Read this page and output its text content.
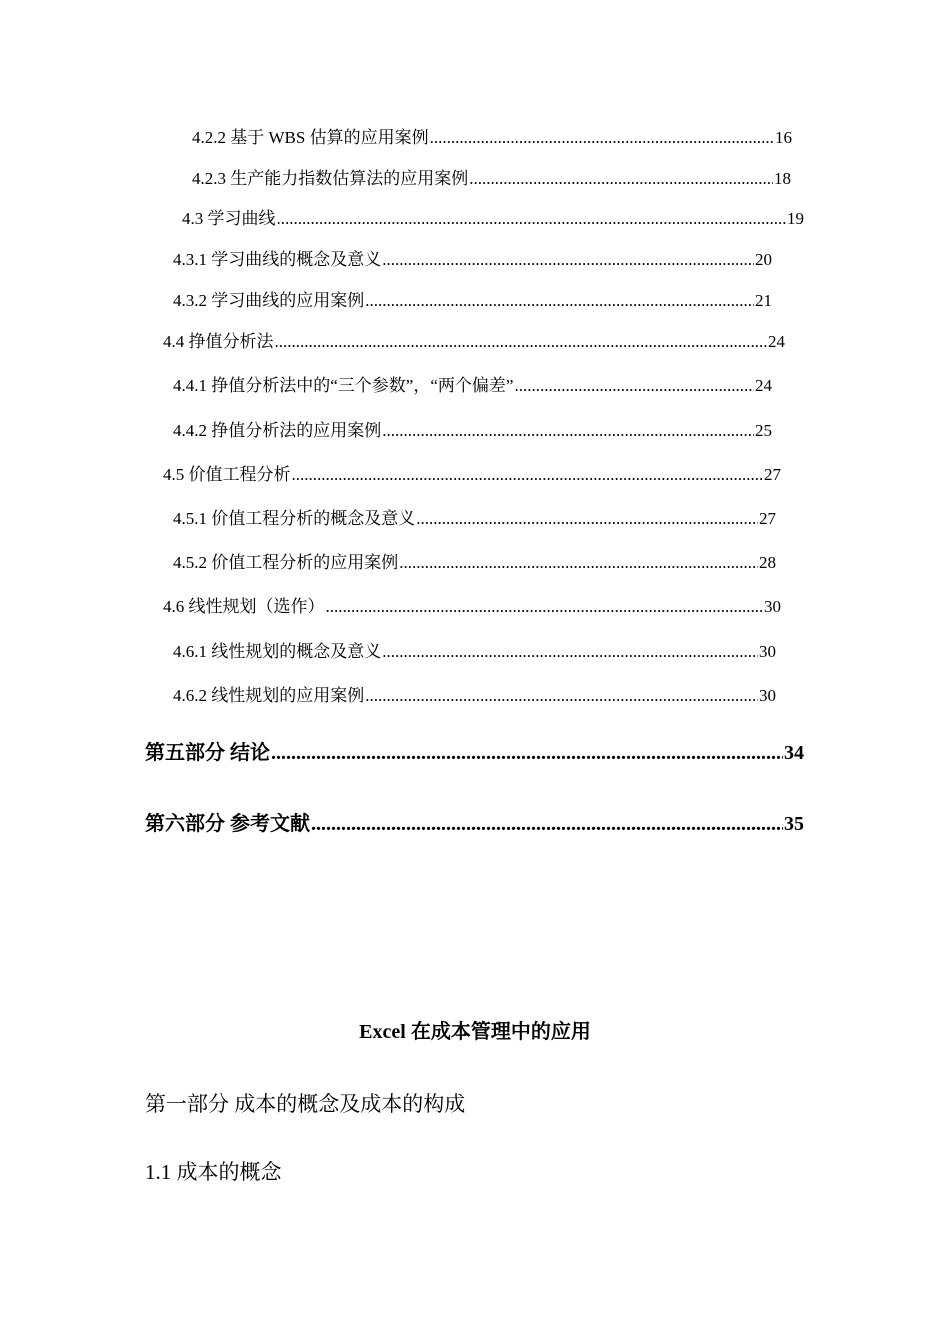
4.2.2 基于 WBS 估算的应用案例 .....	16
4.2.3 生产能力指数估算法的应用案例 .....	18
4.3 学习曲线 .....	19
4.3.1 学习曲线的概念及意义 .....	20
4.3.2 学习曲线的应用案例 .....	21
4.4 挣值分析法 .....	24
4.4.1 挣值分析法中的“三个参数”，“两个偏差” .....	24
4.4.2 挣值分析法的应用案例 .....	25
4.5 价值工程分析 .....	27
4.5.1 价值工程分析的概念及意义 .....	27
4.5.2 价值工程分析的应用案例 .....	28
4.6 线性规划（选作） .....	30
4.6.1 线性规划的概念及意义 .....	30
4.6.2 线性规划的应用案例 .....	30
第五部分 结论 .....	34
第六部分 参考文献 .....	35
Excel 在成本管理中的应用
第一部分 成本的概念及成本的构成
1.1 成本的概念
